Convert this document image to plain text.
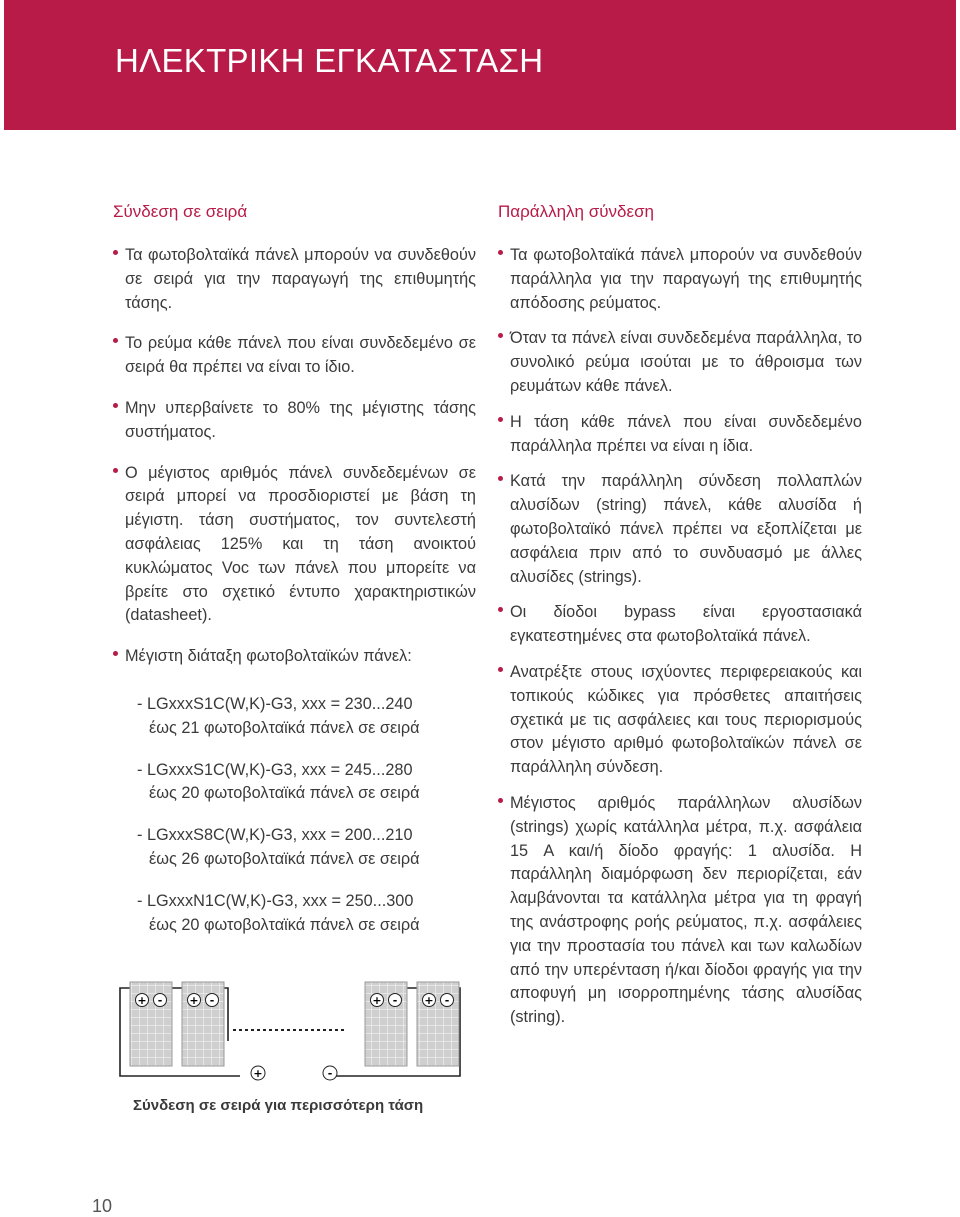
ΗΛΕΚΤΡΙΚΗ ΕΓΚΑΤΑΣΤΑΣΗ
Σύνδεση σε σειρά
Τα φωτοβολταϊκά πάνελ μπορούν να συνδεθούν σε σειρά για την παραγωγή της επιθυμητής τάσης.
Το ρεύμα κάθε πάνελ που είναι συνδεδεμένο σε σειρά θα πρέπει να είναι το ίδιο.
Μην υπερβαίνετε το 80% της μέγιστης τάσης συστήματος.
Ο μέγιστος αριθμός πάνελ συνδεδεμένων σε σειρά μπορεί να προσδιοριστεί με βάση τη μέγιστη. τάση συστήματος, τον συντελεστή ασφάλειας 125% και τη τάση ανοικτού κυκλώματος Voc των πάνελ που μπορείτε να βρείτε στο σχετικό έντυπο χαρακτηριστικών (datasheet).
Μέγιστη διάταξη φωτοβολταϊκών πάνελ:
- LGxxxS1C(W,K)-G3, xxx = 230...240
έως 21 φωτοβολταϊκά πάνελ σε σειρά
- LGxxxS1C(W,K)-G3, xxx = 245...280
έως 20 φωτοβολταϊκά πάνελ σε σειρά
- LGxxxS8C(W,K)-G3, xxx = 200...210
έως 26 φωτοβολταϊκά πάνελ σε σειρά
- LGxxxN1C(W,K)-G3, xxx = 250...300
έως 20 φωτοβολταϊκά πάνελ σε σειρά
Παράλληλη σύνδεση
Τα φωτοβολταϊκά πάνελ μπορούν να συνδεθούν παράλληλα για την παραγωγή της επιθυμητής απόδοσης ρεύματος.
Όταν τα πάνελ είναι συνδεδεμένα παράλληλα, το συνολικό ρεύμα ισούται με το άθροισμα των ρευμάτων κάθε πάνελ.
Η τάση κάθε πάνελ που είναι συνδεδεμένο παράλληλα πρέπει να είναι η ίδια.
Κατά την παράλληλη σύνδεση πολλαπλών αλυσίδων (string) πάνελ, κάθε αλυσίδα ή φωτοβολταϊκό πάνελ πρέπει να εξοπλίζεται με ασφάλεια πριν από το συνδυασμό με άλλες αλυσίδες (strings).
Οι δίοδοι bypass είναι εργοστασιακά εγκατεστημένες στα φωτοβολταϊκά πάνελ.
Ανατρέξτε στους ισχύοντες περιφερειακούς και τοπικούς κώδικες για πρόσθετες απαιτήσεις σχετικά με τις ασφάλειες και τους περιορισμούς στον μέγιστο αριθμό φωτοβολταϊκών πάνελ σε παράλληλη σύνδεση.
Μέγιστος αριθμός παράλληλων αλυσίδων (strings) χωρίς κατάλληλα μέτρα, π.χ. ασφάλεια 15 A και/ή δίοδο φραγής: 1 αλυσίδα. Η παράλληλη διαμόρφωση δεν περιορίζεται, εάν λαμβάνονται τα κατάλληλα μέτρα για τη φραγή της ανάστροφης ροής ρεύματος, π.χ. ασφάλειες για την προστασία του πάνελ και των καλωδίων από την υπερένταση ή/και δίοδοι φραγής για την αποφυγή μη ισορροπημένης τάσης αλυσίδας (string).
+ - + -	+ - + -
+	-
Σύνδεση σε σειρά για περισσότερη τάση
10
